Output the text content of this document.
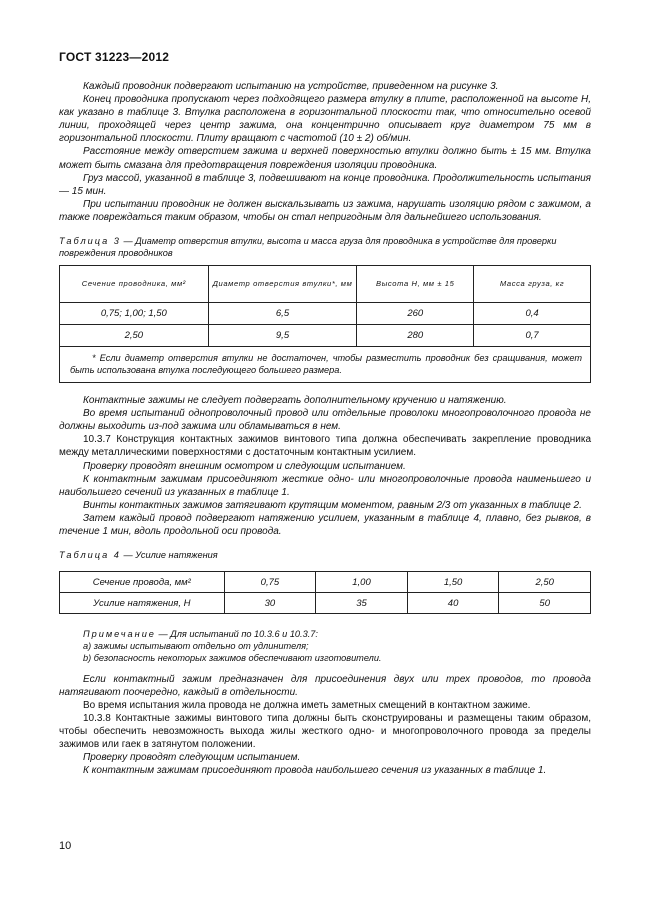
ГОСТ 31223—2012

Каждый проводник подвергают испытанию на устройстве, приведенном на рисунке 3.

Конец проводника пропускают через подходящего размера втулку в плите, расположенной на высоте H, как указано в таблице 3. Втулка расположена в горизонтальной плоскости так, что относительно осевой линии, проходящей через центр зажима, она концентрично описывает круг диаметром 75 мм в горизонтальной плоскости. Плиту вращают с частотой (10 ± 2) об/мин.

Расстояние между отверстием зажима и верхней поверхностью втулки должно быть ± 15 мм. Втулка может быть смазана для предотвращения повреждения изоляции проводника.

Груз массой, указанной в таблице 3, подвешивают на конце проводника. Продолжительность испытания — 15 мин.

При испытании проводник не должен выскальзывать из зажима, нарушать изоляцию рядом с зажимом, а также повреждаться таким образом, чтобы он стал непригодным для дальнейшего использования.

Таблица 3 — Диаметр отверстия втулки, высота и масса груза для проводника в устройстве для проверки повреждения проводников

Сечение проводника, мм²	Диаметр отверстия втулки*, мм	Высота H, мм ± 15	Масса груза, кг
0,75; 1,00; 1,50	6,5	260	0,4
2,50	9,5	280	0,7
* Если диаметр отверстия втулки не достаточен, чтобы разместить проводник без сращивания, может быть использована втулка последующего большего размера.			

Контактные зажимы не следует подвергать дополнительному кручению и натяжению.

Во время испытаний однопроволочный провод или отдельные проволоки многопроволочного провода не должны выходить из-под зажима или обламываться в нем.

10.3.7 Конструкция контактных зажимов винтового типа должна обеспечивать закрепление проводника между металлическими поверхностями с достаточным контактным усилием.

Проверку проводят внешним осмотром и следующим испытанием.

К контактным зажимам присоединяют жесткие одно- или многопроволочные провода наименьшего и наибольшего сечений из указанных в таблице 1.

Винты контактных зажимов затягивают крутящим моментом, равным 2/3 от указанных в таблице 2.

Затем каждый провод подвергают натяжению усилием, указанным в таблице 4, плавно, без рывков, в течение 1 мин, вдоль продольной оси провода.

Таблица 4 — Усилие натяжения

Сечение провода, мм²	0,75	1,00	1,50	2,50
Усилие натяжения, Н	30	35	40	50
Примечание — Для испытаний по 10.3.6 и 10.3.7:
а) зажимы испытывают отдельно от удлинителя;
b) безопасность некоторых зажимов обеспечивают изготовители.

Если контактный зажим предназначен для присоединения двух или трех проводов, то провода натягивают поочередно, каждый в отдельности.

Во время испытания жила провода не должна иметь заметных смещений в контактном зажиме.

10.3.8 Контактные зажимы винтового типа должны быть сконструированы и размещены таким образом, чтобы обеспечить невозможность выхода жилы жесткого одно- и многопроволочного провода за пределы зажимов или гаек в затянутом положении.

Проверку проводят следующим испытанием.

К контактным зажимам присоединяют провода наибольшего сечения из указанных в таблице 1.

10
